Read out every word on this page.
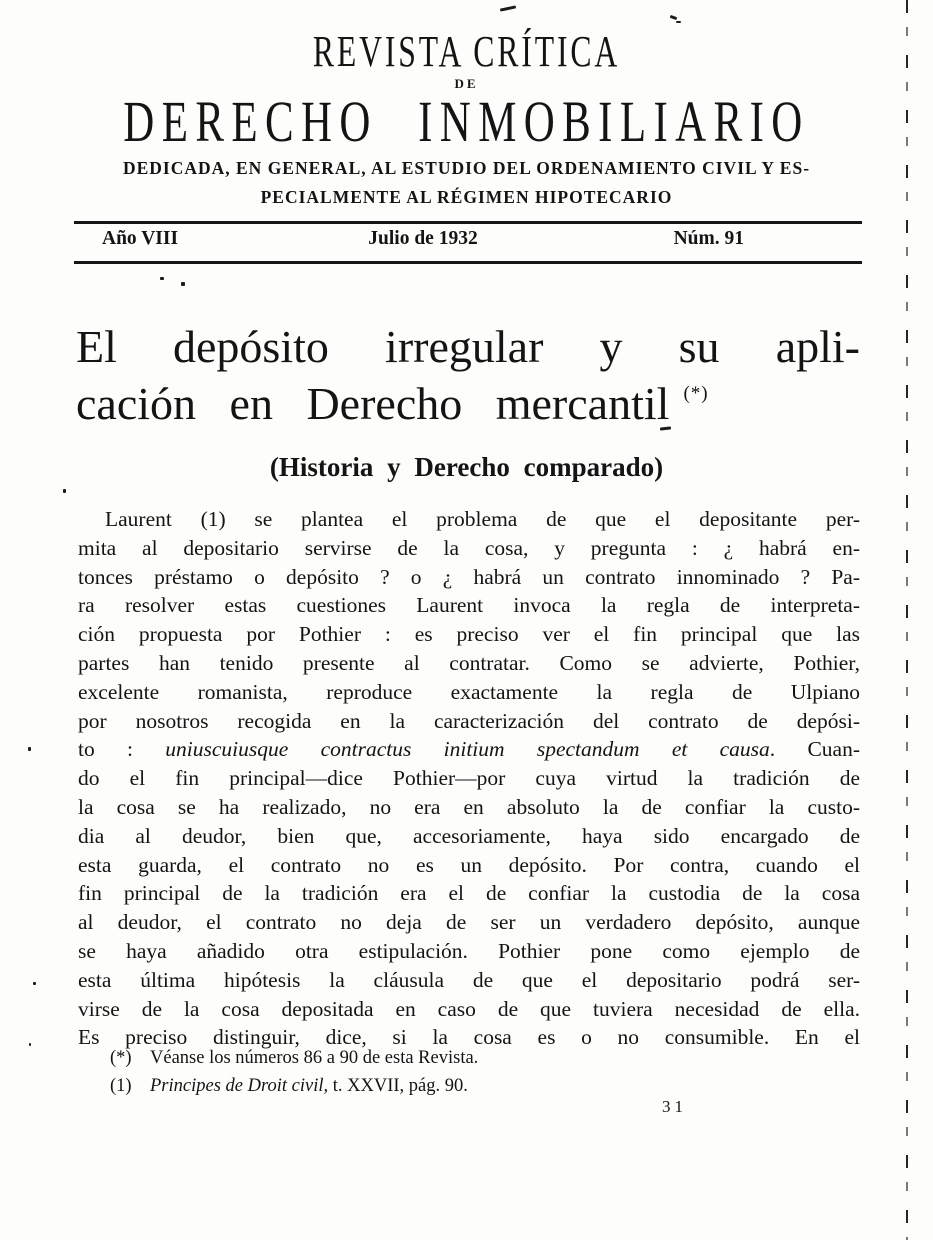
REVISTA CRÍTICA
DE
DERECHO INMOBILIARIO
DEDICADA, EN GENERAL, AL ESTUDIO DEL ORDENAMIENTO CIVIL Y ES-
PECIALMENTE AL RÉGIMEN HIPOTECARIO
Año VIII	Julio de 1932	Núm. 91
El depósito irregular y su apli-
cación en Derecho mercantil (*)
(Historia y Derecho comparado)
Laurent (1) se plantea el problema de que el depositante per-
mita al depositario servirse de la cosa, y pregunta : ¿ habrá en-
tonces préstamo o depósito ? o ¿ habrá un contrato innominado ? Pa-
ra resolver estas cuestiones Laurent invoca la regla de interpreta-
ción propuesta por Pothier : es preciso ver el fin principal que las
partes han tenido presente al contratar. Como se advierte, Pothier,
excelente romanista, reproduce exactamente la regla de Ulpiano
por nosotros recogida en la caracterización del contrato de depósi-
to : uniuscuiusque contractus initium spectandum et causa. Cuan-
do el fin principal—dice Pothier—por cuya virtud la tradición de
la cosa se ha realizado, no era en absoluto la de confiar la custo-
dia al deudor, bien que, accesoriamente, haya sido encargado de
esta guarda, el contrato no es un depósito. Por contra, cuando el
fin principal de la tradición era el de confiar la custodia de la cosa
al deudor, el contrato no deja de ser un verdadero depósito, aunque
se haya añadido otra estipulación. Pothier pone como ejemplo de
esta última hipótesis la cláusula de que el depositario podrá ser-
virse de la cosa depositada en caso de que tuviera necesidad de ella.
Es preciso distinguir, dice, si la cosa es o no consumible. En el
(*) Véanse los números 86 a 90 de esta Revista.
(1) Principes de Droit civil, t. XXVII, pág. 90.
31
